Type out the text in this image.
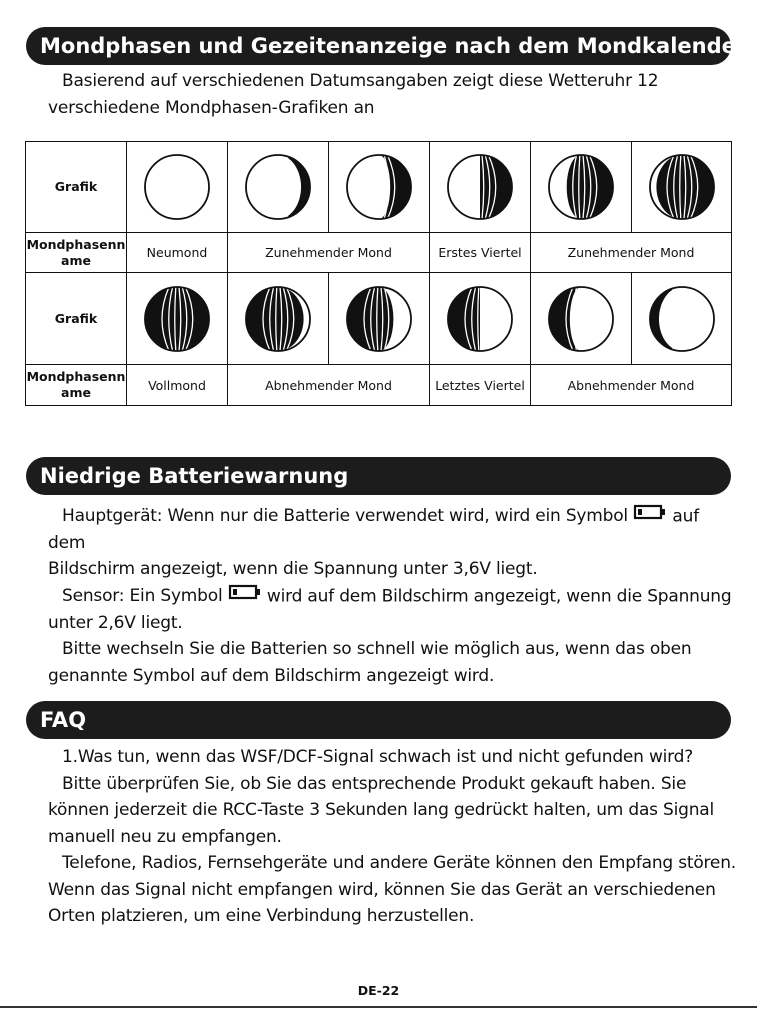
Mondphasen und Gezeitenanzeige nach dem Mondkalender

Basierend auf verschiedenen Datumsangaben zeigt diese Wetteruhr 12
verschiedene Mondphasen-Grafiken an

Grafik	

Mondphasenn
ame	Neumond	Zunehmender Mond		Erstes Viertel	Zunehmender Mond	
Grafik	

Mondphasenn
ame	Vollmond	Abnehmender Mond		Letztes Viertel	Abnehmender Mond	
Niedrige Batteriewarnung

Hauptgerät: Wenn nur die Batterie verwendet wird, wird ein Symbol	auf dem
Bildschirm angezeigt, wenn die Spannung unter 3,6V liegt.
Sensor: Ein Symbol	wird auf dem Bildschirm angezeigt, wenn die Spannung
unter 2,6V liegt.
Bitte wechseln Sie die Batterien so schnell wie möglich aus, wenn das oben
genannte Symbol auf dem Bildschirm angezeigt wird.

FAQ

1.Was tun, wenn das WSF/DCF-Signal schwach ist und nicht gefunden wird?
Bitte überprüfen Sie, ob Sie das entsprechende Produkt gekauft haben. Sie
können jederzeit die RCC-Taste 3 Sekunden lang gedrückt halten, um das Signal
manuell neu zu empfangen.
Telefone, Radios, Fernsehgeräte und andere Geräte können den Empfang stören.
Wenn das Signal nicht empfangen wird, können Sie das Gerät an verschiedenen
Orten platzieren, um eine Verbindung herzustellen.

DE-22
